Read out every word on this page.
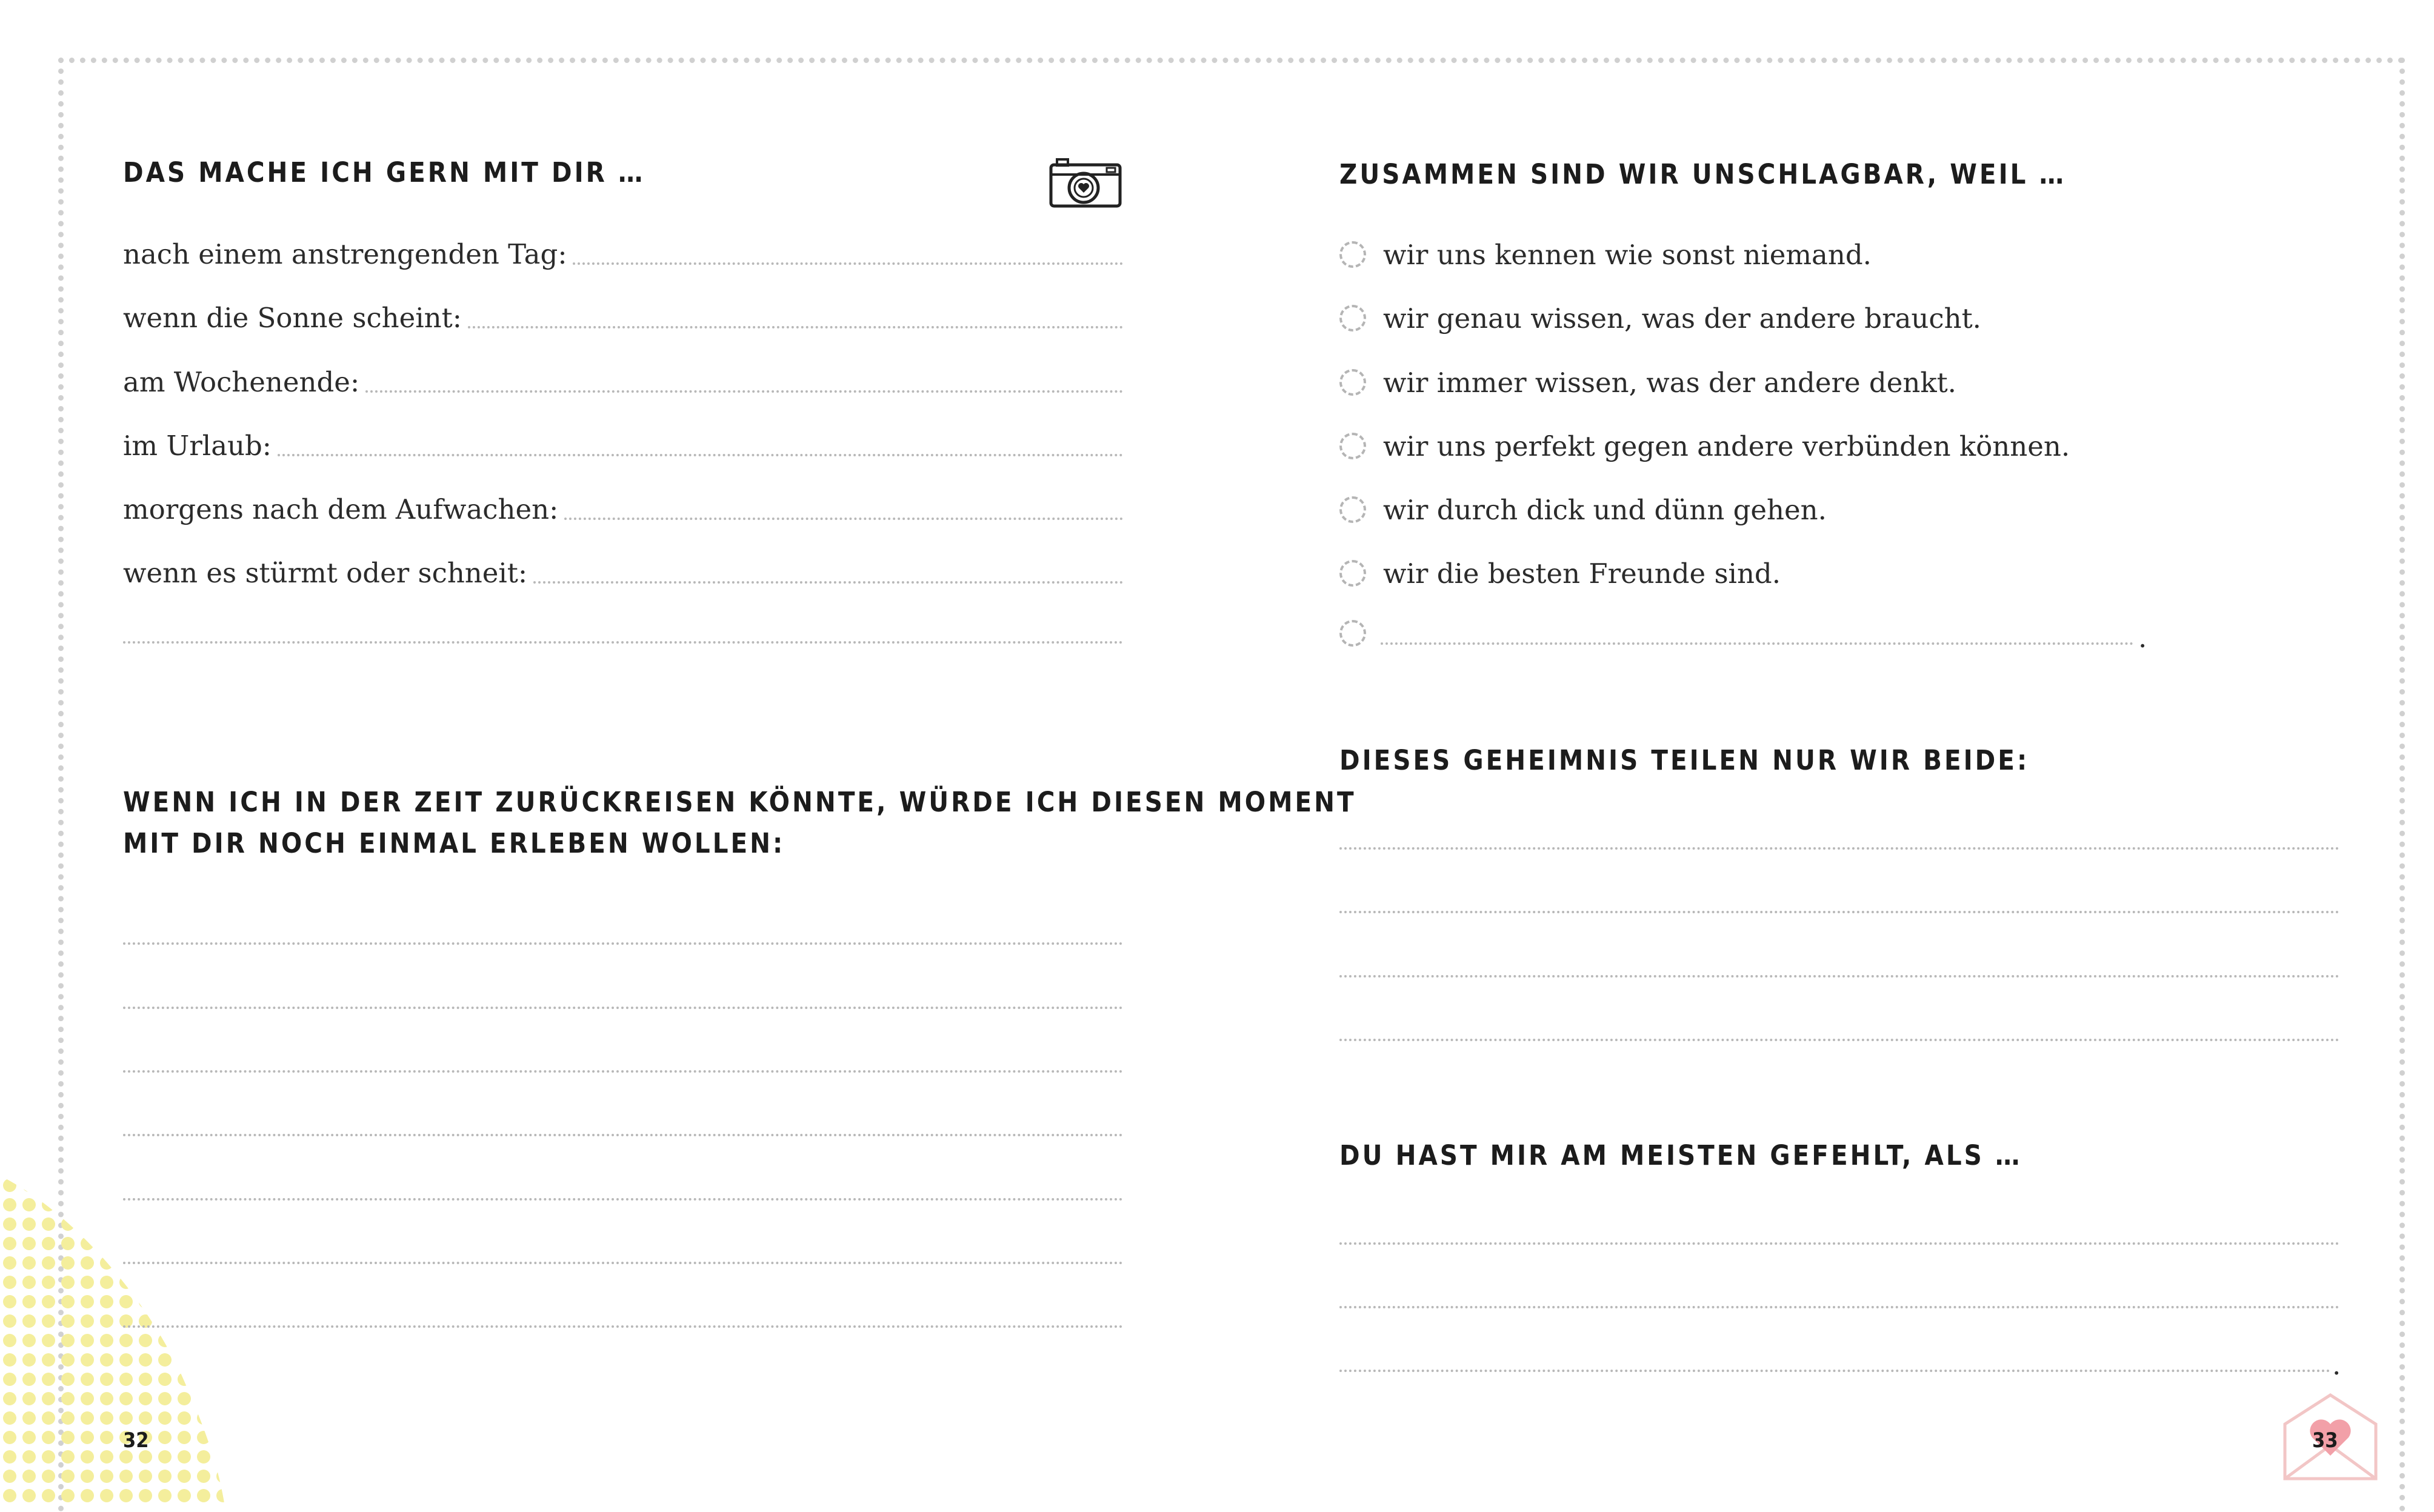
DAS MACHE ICH GERN MIT DIR …
nach einem anstrengenden Tag:
wenn die Sonne scheint:
am Wochenende:
im Urlaub:
morgens nach dem Aufwachen:
wenn es stürmt oder schneit:
WENN ICH IN DER ZEIT ZURÜCKREISEN KÖNNTE, WÜRDE ICH DIESEN MOMENT
MIT DIR NOCH EINMAL ERLEBEN WOLLEN:
32
ZUSAMMEN SIND WIR UNSCHLAGBAR, WEIL …
wir uns kennen wie sonst niemand.
wir genau wissen, was der andere braucht.
wir immer wissen, was der andere denkt.
wir uns perfekt gegen andere verbünden können.
wir durch dick und dünn gehen.
wir die besten Freunde sind.
.
DIESES GEHEIMNIS TEILEN NUR WIR BEIDE:
DU HAST MIR AM MEISTEN GEFEHLT, ALS …
.
33
